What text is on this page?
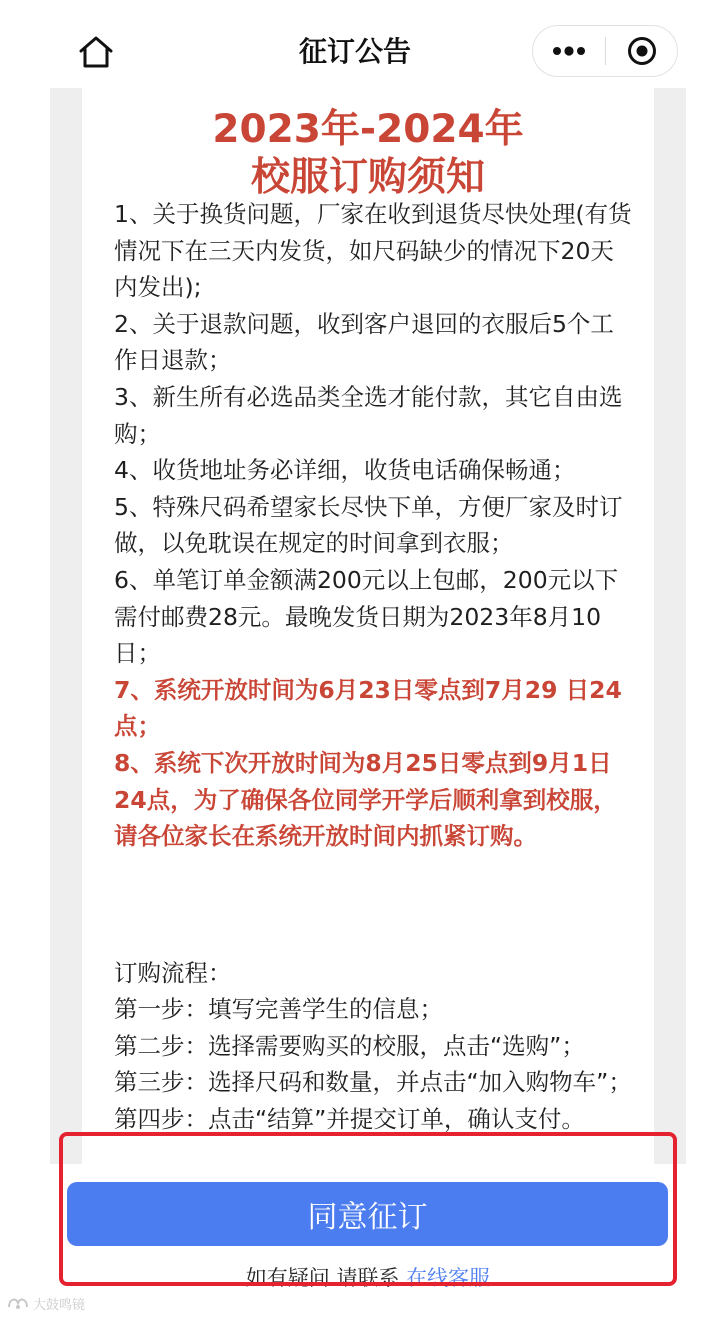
征订公告
2023年-2024年
校服订购须知

1、关于换货问题，厂家在收到退货尽快处理(有货情况下在三天内发货，如尺码缺少的情况下20天内发出);

2、关于退款问题，收到客户退回的衣服后5个工作日退款；

3、新生所有必选品类全选才能付款，其它自由选购；

4、收货地址务必详细，收货电话确保畅通；

5、特殊尺码希望家长尽快下单，方便厂家及时订做，以免耽误在规定的时间拿到衣服；

6、单笔订单金额满200元以上包邮，200元以下需付邮费28元。最晚发货日期为2023年8月10日；

7、系统开放时间为6月23日零点到7月29 日24点；

8、系统下次开放时间为8月25日零点到9月1日24点，为了确保各位同学开学后顺利拿到校服，请各位家长在系统开放时间内抓紧订购。

订购流程：

第一步：填写完善学生的信息；

第二步：选择需要购买的校服，点击“选购”；

第三步：选择尺码和数量，并点击“加入购物车”；

第四步：点击“结算”并提交订单，确认支付。

同意征订
如有疑问 请联系 在线客服
大鼓鸣镜
